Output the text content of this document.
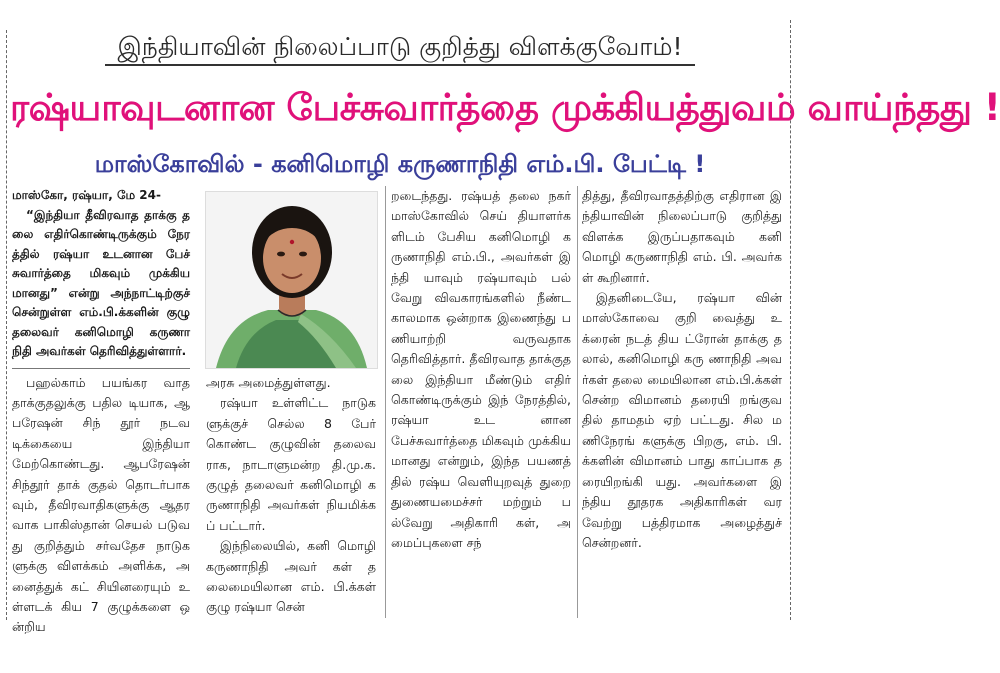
இந்தியாவின் நிலைப்பாடு குறித்து விளக்குவோம்!
ரஷ்யாவுடனான பேச்சுவார்த்தை முக்கியத்துவம் வாய்ந்தது !
மாஸ்கோவில் - கனிமொழி கருணாநிதி எம்.பி. பேட்டி !

மாஸ்கோ, ரஷ்யா, மே 24-

“இந்தியா தீவிரவாத தாக்கு தலை எதிர்கொண்டிருக்கும் நேரத்தில் ரஷ்யா உடனான பேச் சுவார்த்தை மிகவும் முக்கிய மானது” என்று அந்நாட்டிற்குச் சென்றுள்ள எம்.பி.க்களின் குழு தலைவர் கனிமொழி கருணா நிதி அவர்கள் தெரிவித்துள்ளார்.

பஹல்காம் பயங்கர வாத தாக்குதலுக்கு பதில டியாக, ஆபரேஷன் சிந் தூர் நடவடிக்கையை இந்தியா மேற்கொண்டது. ஆபரேஷன் சிந்தூர் தாக் குதல் தொடர்பாகவும், தீவிரவாதிகளுக்கு ஆதர வாக பாகிஸ்தான் செயல் படுவது குறித்தும் சர்வதேச நாடுகளுக்கு விளக்கம் அளிக்க, அனைத்துக் கட் சியினரையும் உள்ளடக் கிய 7 குழுக்களை ஒன்றிய

அரசு அமைத்துள்ளது.

ரஷ்யா உள்ளிட்ட நாடுகளுக்குச் செல்ல 8 பேர் கொண்ட குழுவின் தலைவராக, நாடாளுமன்ற தி.மு.க. குழுத் தலைவர் கனிமொழி கருணாநிதி அவர்கள் நியமிக்கப் பட்டார்.

இந்நிலையில், கனி மொழி கருணாநிதி அவர் கள் தலைமையிலான எம். பி.க்கள் குழு ரஷ்யா சென்

றடைந்தது. ரஷ்யத் தலை நகர் மாஸ்கோவில் செய் தியாளர்களிடம் பேசிய கனிமொழி கருணாநிதி எம்.பி., அவர்கள் இந்தி யாவும் ரஷ்யாவும் பல் வேறு விவகாரங்களில் நீண்ட காலமாக ஒன்றாக இணைந்து பணியாற்றி வருவதாக தெரிவித்தார். தீவிரவாத தாக்குதலை இந்தியா மீண்டும் எதிர் கொண்டிருக்கும் இந் நேரத்தில், ரஷ்யா உட னான பேச்சுவார்த்தை மிகவும் முக்கியமானது என்றும், இந்த பயணத் தில் ரஷ்ய வெளியுறவுத் துறை துணையமைச்சர் மற்றும் பல்வேறு அதிகாரி கள், அமைப்புகளை சந்

தித்து, தீவிரவாதத்திற்கு எதிரான இந்தியாவின் நிலைப்பாடு குறித்து விளக்க இருப்பதாகவும் கனி மொழி கருணாநிதி எம். பி. அவர்கள் கூறினார்.

இதனிடையே, ரஷ்யா வின் மாஸ்கோவை குறி வைத்து உக்ரைன் நடத் திய ட்ரோன் தாக்கு தலால், கனிமொழி கரு ணாநிதி அவர்கள் தலை மையிலான எம்.பி.க்கள் சென்ற விமானம் தரையி றங்குவதில் தாமதம் ஏற் பட்டது. சில மணிநேரங் களுக்கு பிறகு, எம். பி.க்களின் விமானம் பாது காப்பாக தரையிறங்கி யது. அவர்களை இந்திய தூதரக அதிகாரிகள் வர வேற்று பத்திரமாக அழைத்துச் சென்றனர்.
